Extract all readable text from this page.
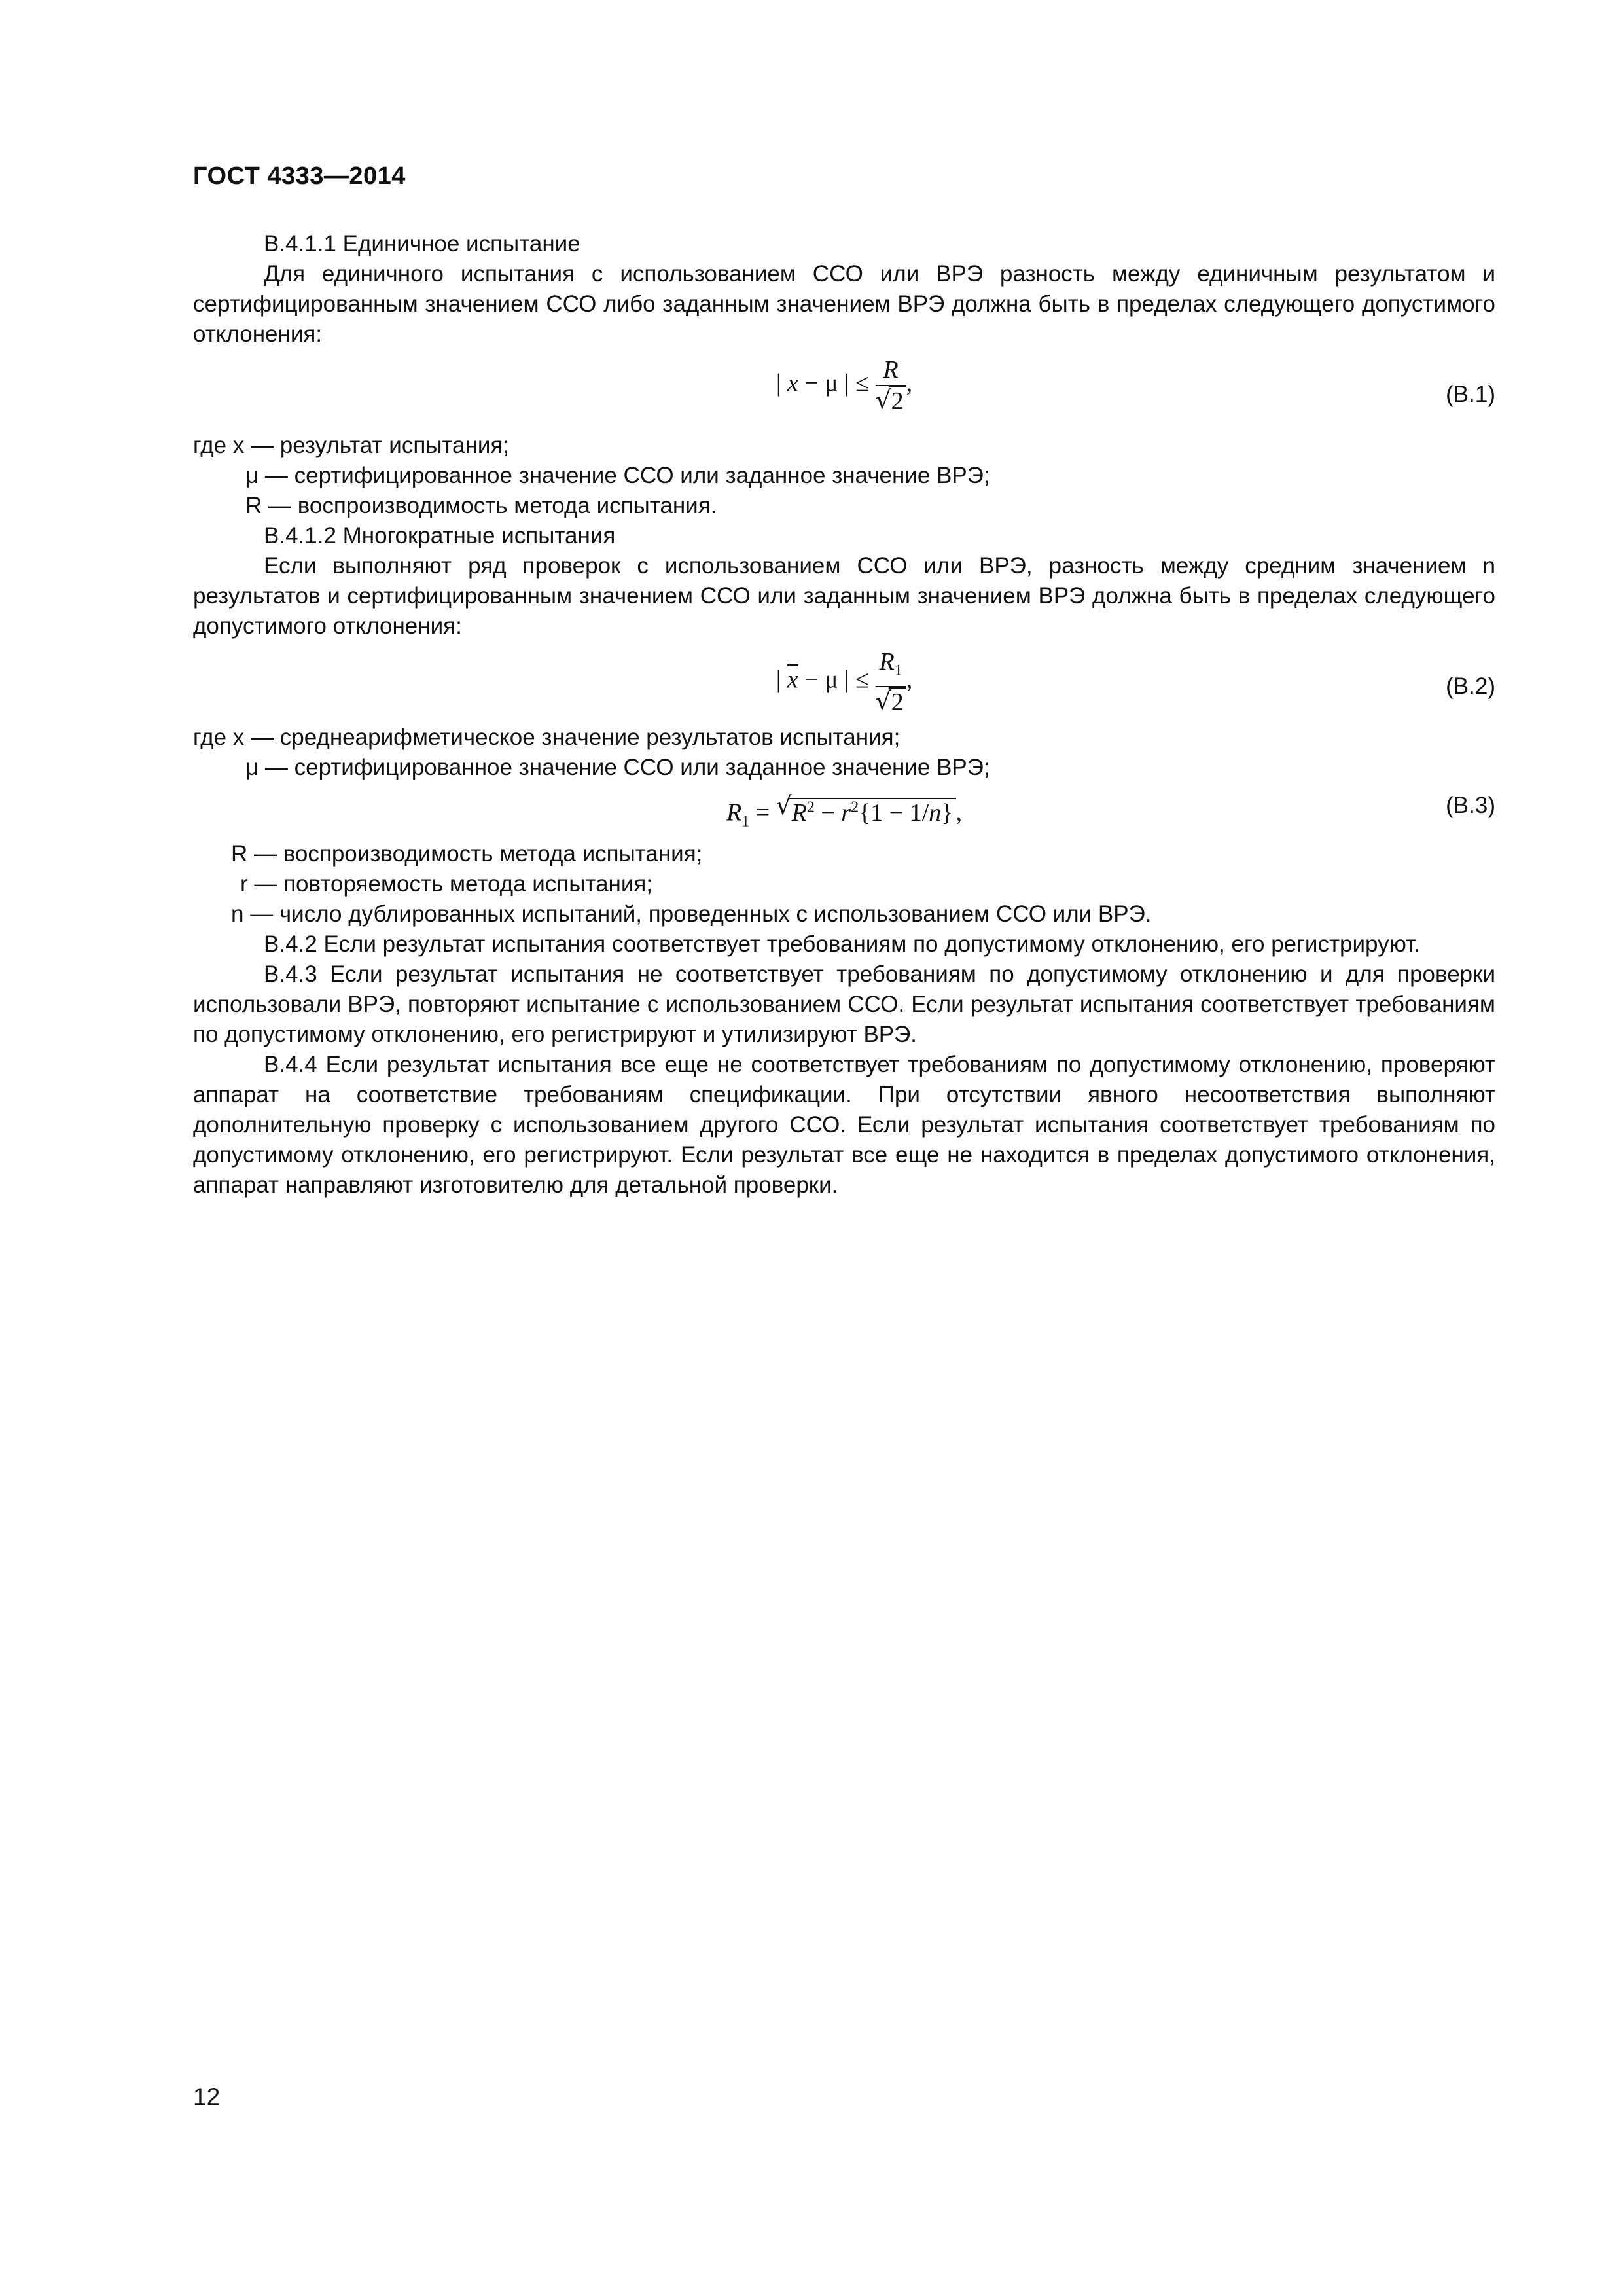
ГОСТ 4333—2014

В.4.1.1 Единичное испытание

Для единичного испытания с использованием ССО или ВРЭ разность между единичным результатом и сертифицированным значением ССО либо заданным значением ВРЭ должна быть в пределах следующего допустимого отклонения:

| x − μ | ≤ R
√ 2 ,	(В.1)

где x — результат испытания;

μ — сертифицированное значение ССО или заданное значение ВРЭ;

R — воспроизводимость метода испытания.

В.4.1.2 Многократные испытания

Если выполняют ряд проверок с использованием ССО или ВРЭ, разность между средним значением n результатов и сертифицированным значением ССО или заданным значением ВРЭ должна быть в пределах следующего допустимого отклонения:

| $\overline{x} - \mu$ | ≤ $R_1$
√ 2 ,	(В.2)

где x — среднеарифметическое значение результатов испытания;

μ — сертифицированное значение ССО или заданное значение ВРЭ;

$R_1$ = √ $R^2 - r^2\{1 - 1/n\}$ ,	(В.3)

R — воспроизводимость метода испытания;

r — повторяемость метода испытания;

n — число дублированных испытаний, проведенных с использованием ССО или ВРЭ.

В.4.2 Если результат испытания соответствует требованиям по допустимому отклонению, его регистрируют.

В.4.3 Если результат испытания не соответствует требованиям по допустимому отклонению и для проверки использовали ВРЭ, повторяют испытание с использованием ССО. Если результат испытания соответствует требованиям по допустимому отклонению, его регистрируют и утилизируют ВРЭ.

В.4.4 Если результат испытания все еще не соответствует требованиям по допустимому отклонению, проверяют аппарат на соответствие требованиям спецификации. При отсутствии явного несоответствия выполняют дополнительную проверку с использованием другого ССО. Если результат испытания соответствует требованиям по допустимому отклонению, его регистрируют. Если результат все еще не находится в пределах допустимого отклонения, аппарат направляют изготовителю для детальной проверки.

12
